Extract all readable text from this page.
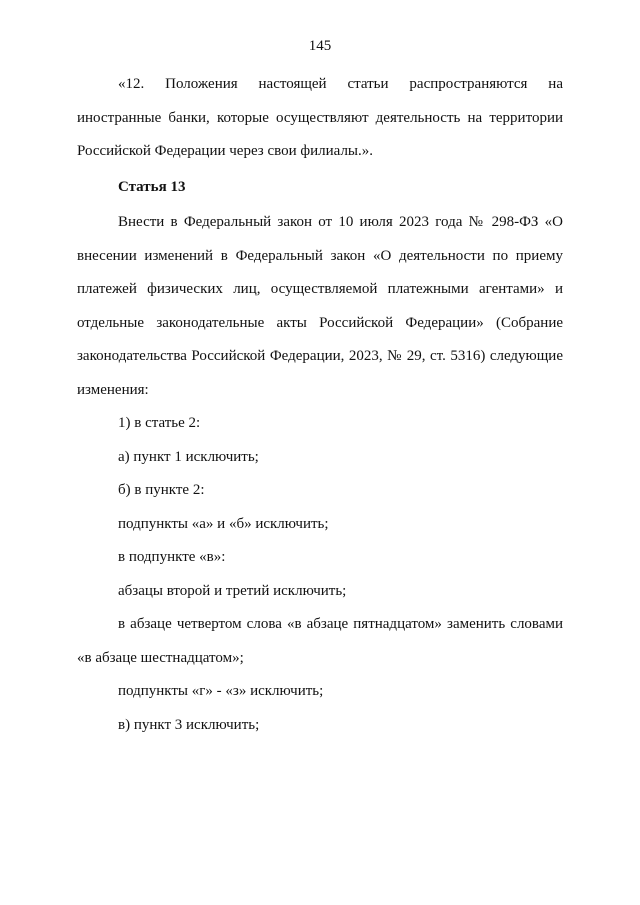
145

«12. Положения настоящей статьи распространяются на иностранные банки, которые осуществляют деятельность на территории Российской Федерации через свои филиалы.».

Статья 13

Внести в Федеральный закон от 10 июля 2023 года № 298-ФЗ «О внесении изменений в Федеральный закон «О деятельности по приему платежей физических лиц, осуществляемой платежными агентами» и отдельные законодательные акты Российской Федерации» (Собрание законодательства Российской Федерации, 2023, № 29, ст. 5316) следующие изменения:

1) в статье 2:

а) пункт 1 исключить;

б) в пункте 2:

подпункты «а» и «б» исключить;

в подпункте «в»:

абзацы второй и третий исключить;

в абзаце четвертом слова «в абзаце пятнадцатом» заменить словами «в абзаце шестнадцатом»;

подпункты «г» - «з» исключить;

в) пункт 3 исключить;
